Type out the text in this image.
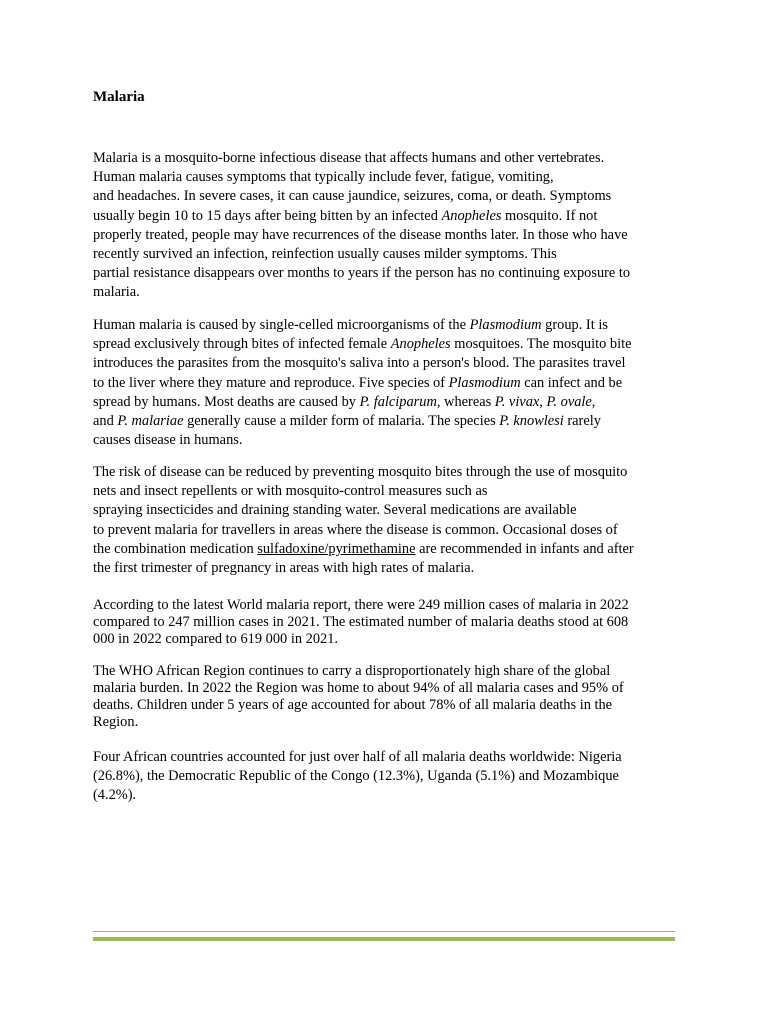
Malaria

Malaria is a mosquito-borne infectious disease that affects humans and other vertebrates.
Human malaria causes symptoms that typically include fever, fatigue, vomiting,
and headaches. In severe cases, it can cause jaundice, seizures, coma, or death. Symptoms
usually begin 10 to 15 days after being bitten by an infected Anopheles mosquito. If not
properly treated, people may have recurrences of the disease months later. In those who have
recently survived an infection, reinfection usually causes milder symptoms. This
partial resistance disappears over months to years if the person has no continuing exposure to
malaria.
Human malaria is caused by single-celled microorganisms of the Plasmodium group. It is
spread exclusively through bites of infected female Anopheles mosquitoes. The mosquito bite
introduces the parasites from the mosquito's saliva into a person's blood. The parasites travel
to the liver where they mature and reproduce. Five species of Plasmodium can infect and be
spread by humans. Most deaths are caused by P. falciparum, whereas P. vivax, P. ovale,
and P. malariae generally cause a milder form of malaria. The species P. knowlesi rarely
causes disease in humans.
The risk of disease can be reduced by preventing mosquito bites through the use of mosquito
nets and insect repellents or with mosquito-control measures such as
spraying insecticides and draining standing water. Several medications are available
to prevent malaria for travellers in areas where the disease is common. Occasional doses of
the combination medication sulfadoxine/pyrimethamine are recommended in infants and after
the first trimester of pregnancy in areas with high rates of malaria.
According to the latest World malaria report, there were 249 million cases of malaria in 2022
compared to 247 million cases in 2021. The estimated number of malaria deaths stood at 608
000 in 2022 compared to 619 000 in 2021.
The WHO African Region continues to carry a disproportionately high share of the global
malaria burden. In 2022 the Region was home to about 94% of all malaria cases and 95% of
deaths. Children under 5 years of age accounted for about 78% of all malaria deaths in the
Region.
Four African countries accounted for just over half of all malaria deaths worldwide: Nigeria
(26.8%), the Democratic Republic of the Congo (12.3%), Uganda (5.1%) and Mozambique
(4.2%).
